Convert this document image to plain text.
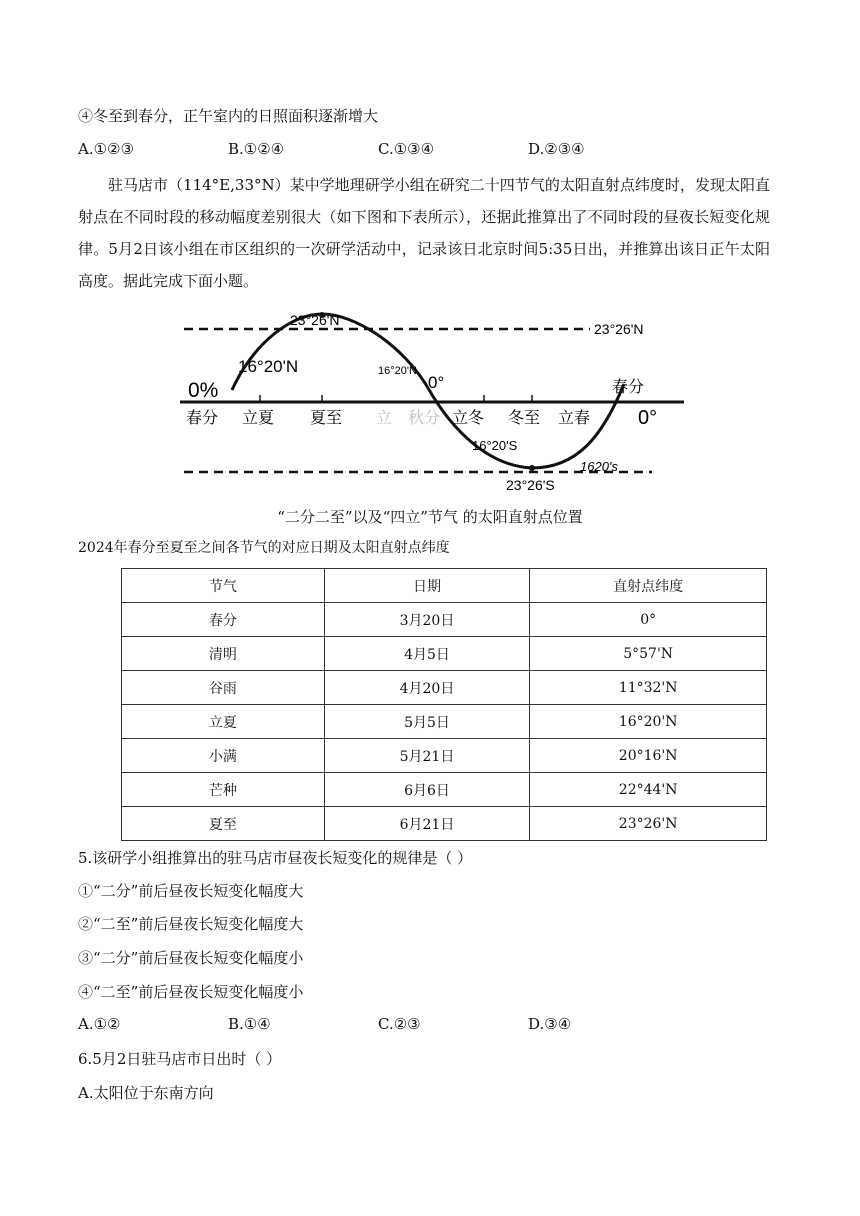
④冬至到春分，正午室内的日照面积逐渐增大
A.①②③	B.①②④	C.①③④	D.②③④

驻马店市（114°E,33°N）某中学地理研学小组在研究二十四节气的太阳直射点纬度时，发现太阳直射点在不同时段的移动幅度差别很大（如下图和下表所示），还据此推算出了不同时段的昼夜长短变化规律。5月2日该小组在市区组织的一次研学活动中，记录该日北京时间5:35日出，并推算出该日正午太阳高度。据此完成下面小题。

23°26'N
23°26'N
16°20'N	16°20'N
0%	0°
0°
16°20'S
1620's
23°26'S
春分 立夏 夏至 立 秋分 立冬 冬至 立春
春分
“二分二至”以及“四立”节气 的太阳直射点位置
2024年春分至夏至之间各节气的对应日期及太阳直射点纬度
节气	日期	直射点纬度
春分	3月20日	0°
清明	4月5日	5°57'N
谷雨	4月20日	11°32'N
立夏	5月5日	16°20'N
小满	5月21日	20°16'N
芒种	6月6日	22°44'N
夏至	6月21日	23°26'N
5.该研学小组推算出的驻马店市昼夜长短变化的规律是（ ）
①“二分”前后昼夜长短变化幅度大
②“二至”前后昼夜长短变化幅度大
③“二分”前后昼夜长短变化幅度小
④“二至”前后昼夜长短变化幅度小
A.①②	B.①④	C.②③	D.③④
6.5月2日驻马店市日出时（ ）
A.太阳位于东南方向
